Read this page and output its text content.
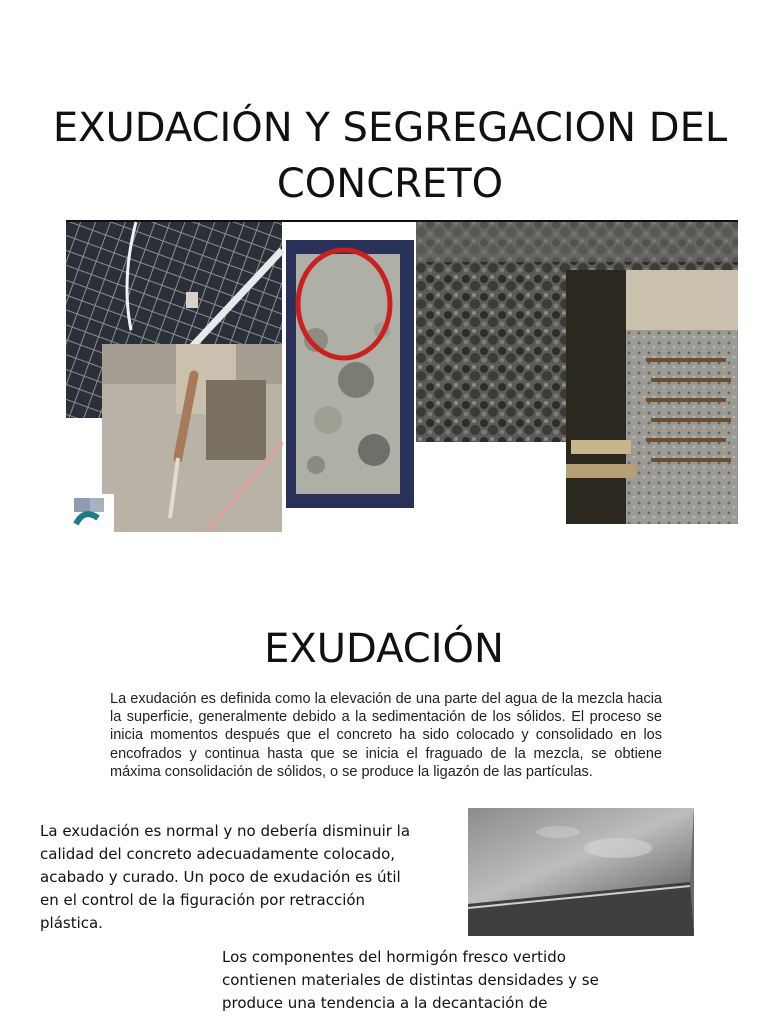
EXUDACIÓN Y SEGREGACION DEL CONCRETO
EXUDACIÓN

La exudación es definida como la elevación de una parte del agua de la mezcla hacia la superficie, generalmente debido a la sedimentación de los sólidos. El proceso se inicia momentos después que el concreto ha sido colocado y consolidado en los encofrados y continua hasta que se inicia el fraguado de la mezcla, se obtiene máxima consolidación de sólidos, o se produce la ligazón de las partículas.

La exudación es normal y no debería disminuir la calidad del concreto adecuadamente colocado, acabado y curado. Un poco de exudación es útil en el control de la figuración por retracción plástica.

Los componentes del hormigón fresco vertido contienen materiales de distintas densidades y se produce una tendencia a la decantación de
